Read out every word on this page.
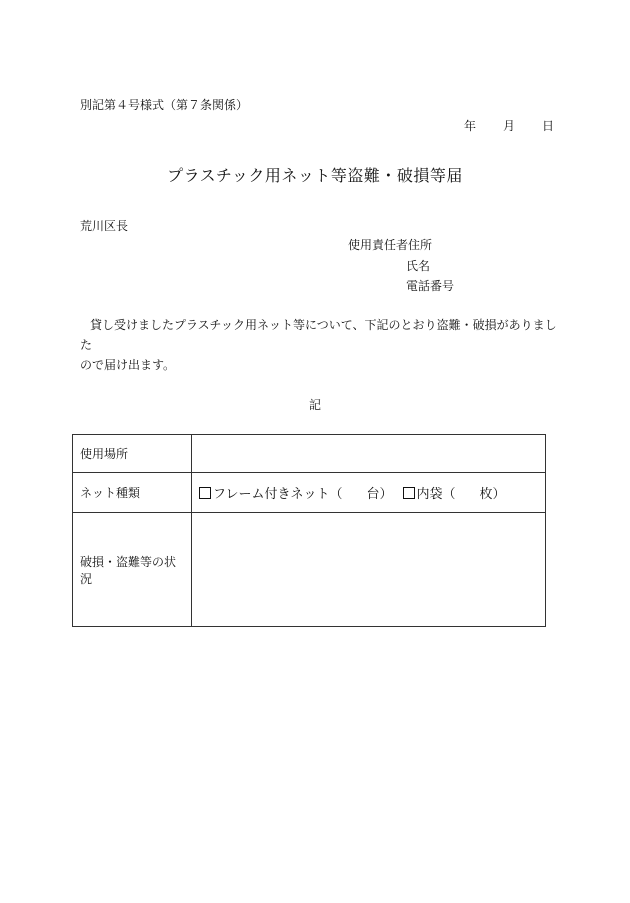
別記第４号様式（第７条関係）
年 月 日
プラスチック用ネット等盗難・破損等届
荒川区長
使用責任者住所
氏名
電話番号
貸し受けましたプラスチック用ネット等について、下記のとおり盗難・破損がありまし
た
ので届け出ます。
記
使用場所	
ネット種類	フレーム付きネット（ 台） 内袋（ 枚）

破損・盗難等の状況	
